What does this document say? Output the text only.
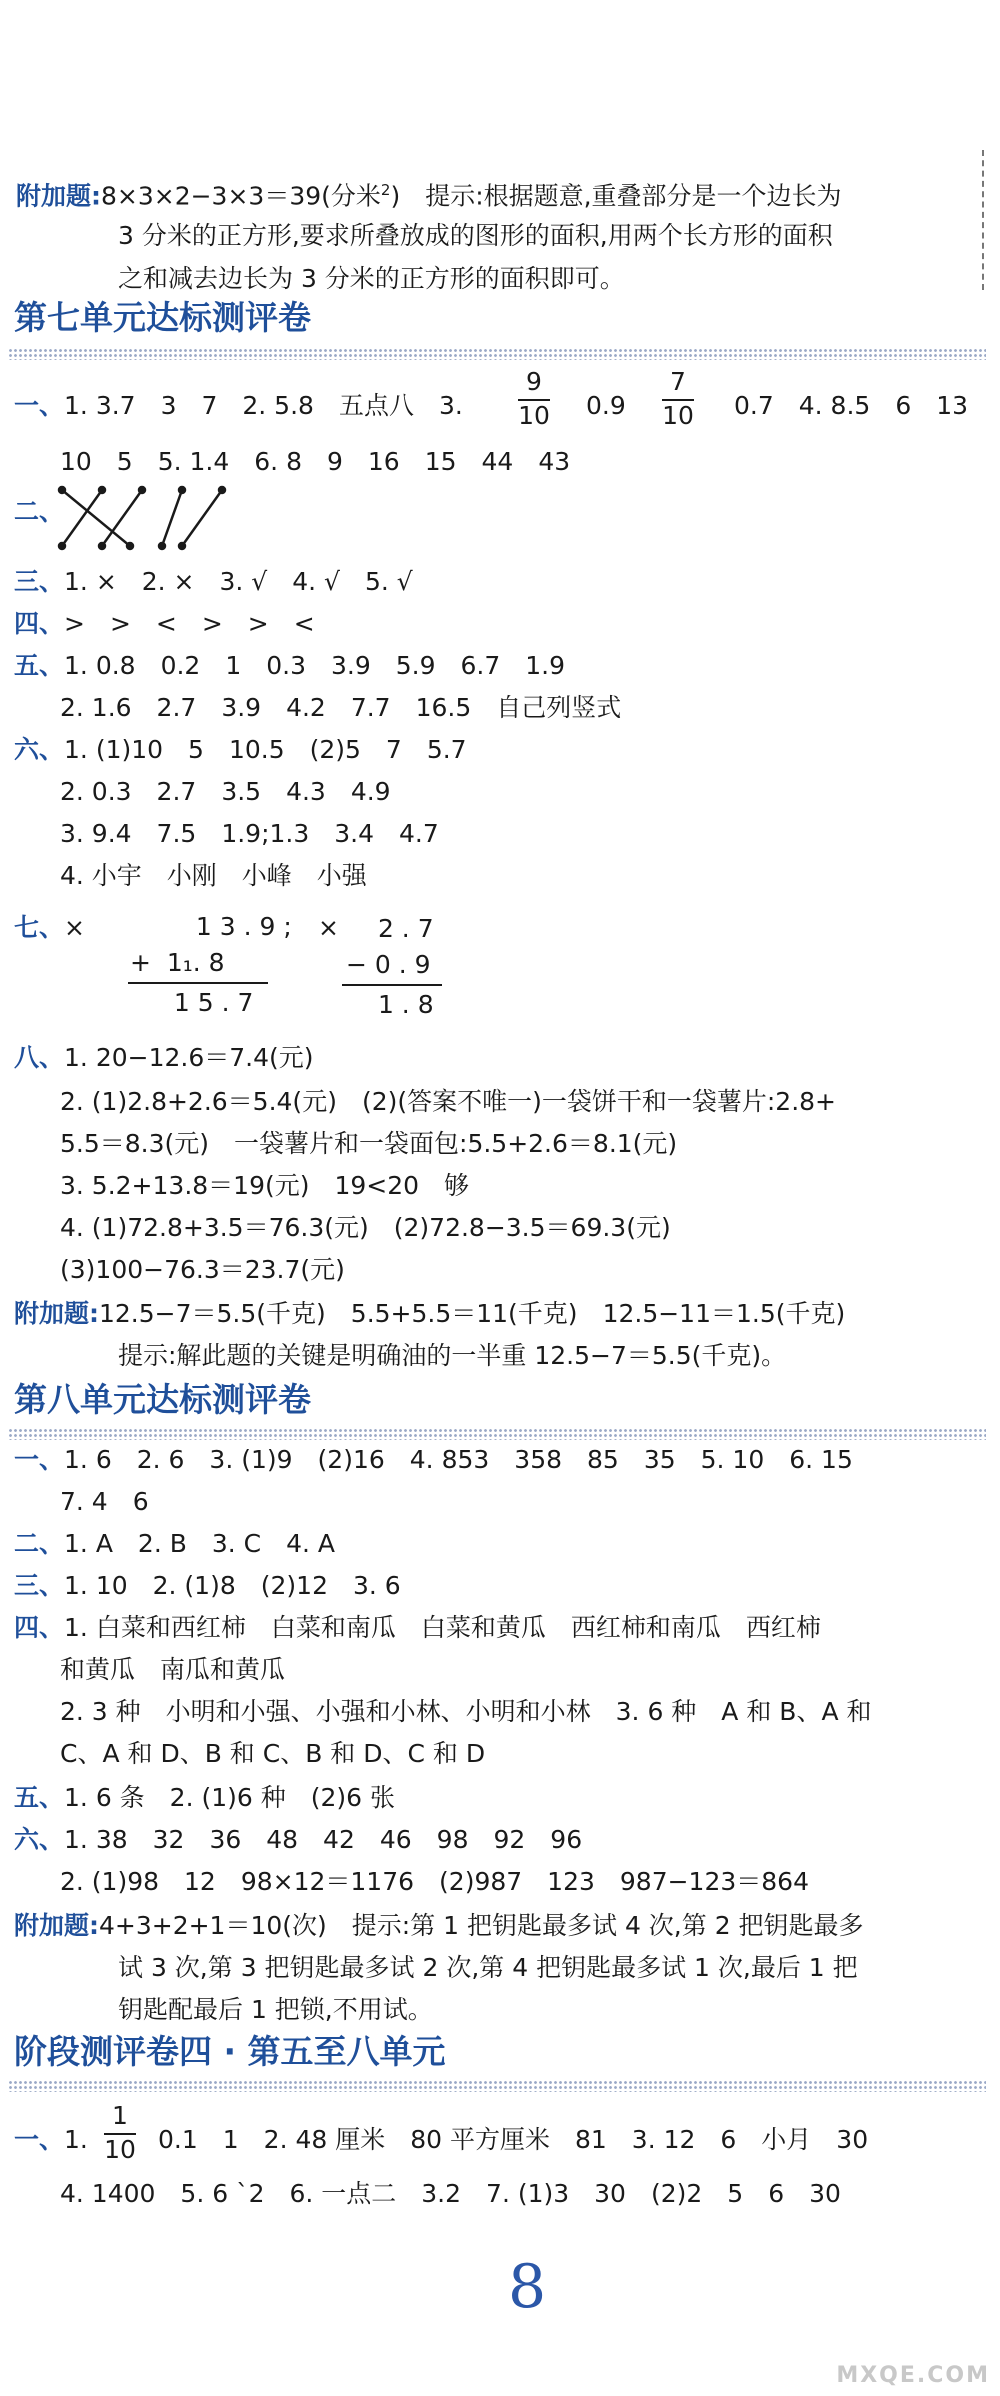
附加题:8×3×2−3×3＝39(分米$^2$)　提示:根据题意,重叠部分是一个边长为
3 分米的正方形,要求所叠放成的图形的面积,用两个长方形的面积
之和减去边长为 3 分米的正方形的面积即可。
第七单元达标测评卷
一、1. 3.7　3　7　2. 5.8　五点八　3.
9
10 0.9
7
10 0.7　4. 8.5　6　13
10　5　5. 1.4　6. 8　9　16　15　44　43
二、
三、1. ×　2. ×　3. √　4. √　5. √
四、>　>　<　>　>　<
五、1. 0.8　0.2　1　0.3　3.9　5.9　6.7　1.9
2. 1.6　2.7　3.9　4.2　7.7　16.5　自己列竖式
六、1. (1)10　5　10.5　(2)5　7　5.7
2. 0.3　2.7　3.5　4.3　4.9
3. 9.4　7.5　1.9;1.3　3.4　4.7
4. 小宇　小刚　小峰　小强
七、×	1 3 . 9 ; ×
+  1₁. 8
1 5 . 7
2 . 7
− 0 . 9
1 . 8
八、1. 20−12.6＝7.4(元)
2. (1)2.8+2.6＝5.4(元)　(2)(答案不唯一)一袋饼干和一袋薯片:2.8+
5.5＝8.3(元)　一袋薯片和一袋面包:5.5+2.6＝8.1(元)
3. 5.2+13.8＝19(元)　19<20　够
4. (1)72.8+3.5＝76.3(元)　(2)72.8−3.5＝69.3(元)
(3)100−76.3＝23.7(元)
附加题:12.5−7＝5.5(千克)　5.5+5.5＝11(千克)　12.5−11＝1.5(千克)
提示:解此题的关键是明确油的一半重 12.5−7＝5.5(千克)。
第八单元达标测评卷
一、1. 6　2. 6　3. (1)9　(2)16　4. 853　358　85　35　5. 10　6. 15
7. 4　6
二、1. A　2. B　3. C　4. A
三、1. 10　2. (1)8　(2)12　3. 6
四、1. 白菜和西红柿　白菜和南瓜　白菜和黄瓜　西红柿和南瓜　西红柿
和黄瓜　南瓜和黄瓜
2. 3 种　小明和小强、小强和小林、小明和小林　3. 6 种　A 和 B、A 和
C、A 和 D、B 和 C、B 和 D、C 和 D
五、1. 6 条　2. (1)6 种　(2)6 张
六、1. 38　32　36　48　42　46　98　92　96
2. (1)98　12　98×12＝1176　(2)987　123　987−123＝864
附加题:4+3+2+1＝10(次)　提示:第 1 把钥匙最多试 4 次,第 2 把钥匙最多
试 3 次,第 3 把钥匙最多试 2 次,第 4 把钥匙最多试 1 次,最后 1 把
钥匙配最后 1 把锁,不用试。
阶段测评卷四 · 第五至八单元
一、1.
1
10 0.1　1　2. 48 厘米　80 平方厘米　81　3. 12　6　小月　30
4. 1400　5. 6 ˋ2　6. 一点二　3.2　7. (1)3　30　(2)2　5　6　30
8
MXQE.COM
